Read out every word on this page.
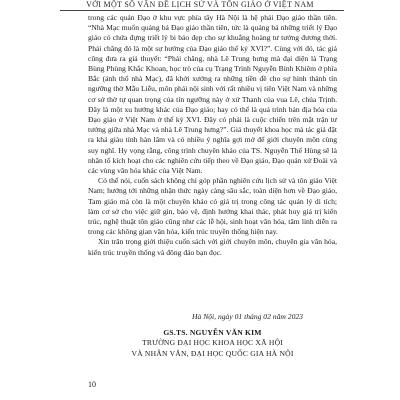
VỚI MỘT SỐ VẤN ĐỀ LỊCH SỬ VÀ TÔN GIÁO Ở VIỆT NAM

trong các quán Đạo ở khu vực phía tây Hà Nội là hệ phái Đạo giáo thần tiên. “Nhà Mạc muốn quảng bá Đạo giáo thần tiên, tức là quảng bá những triết lý Đạo giáo có chứa đựng triết lý bi bảo đẹp cho sự khuắng hoàng tư tưởng đương thời. Phải chăng đó là một sự hướng của Đạo giáo thế kỷ XVI?”. Cùng với đó, tác giả cũng đưa ra giả thuyết: “Phải chăng, nhà Lê Trung hưng mà đại diện là Trạng Bùng Phùng Khắc Khoan, học trò của cụ Trạng Trình Nguyễn Bỉnh Khiêm ở phía Bắc (ảnh thổ nhà Mạc), đã khởi xướng ra những tiền đề cho sự hình thành tín ngưỡng thờ Mẫu Liễu, môn phái nội sinh với rất nhiều vị tiên Việt Nam và những cơ sở thờ tự quan trọng của tín ngưỡng này ở xứ Thanh của vua Lê, chúa Trịnh. Đây là một xu hướng khác của Đạo giáo; hay có thể là quá trình bản địa hóa của Đạo giáo ở Việt Nam ở thế kỷ XVI. Đây có phải là cuộc chiến trên mặt trận tư tưởng giữa nhà Mạc và nhà Lê Trung hưng?”. Giả thuyết khoa học mà tác giả đặt ra khá giàu tính hàn lâm và có nhiều ý nghĩa gợi mở để giới chuyên môn cùng suy nghĩ. Hy vọng rằng, công trình chuyên khảo của TS. Nguyễn Thế Hùng sẽ là nhân tố kích hoạt cho các nghiên cứu tiếp theo về Đạo giáo, Đạo quán xứ Đoài và các vùng văn hóa khác của Việt Nam.

Có thể nói, cuốn sách không chỉ góp phần nghiên cứu lịch sử và tôn giáo Việt Nam; hướng tới những nhận thức ngày càng sâu sắc, toàn diện hơn về Đạo giáo, Tam giáo mà còn là một chuyên khảo có giá trị trong công tác quản lý di tích; làm cơ sở cho việc giữ gìn, bảo vệ, định hướng khai thác, phát huy giá trị kiến trúc, nghệ thuật tôn giáo cũng như các lễ hội, sinh hoạt văn hóa, tâm linh diễn ra trong các không gian văn hóa, kiến trúc truyền thống hiện nay.

Xin trân trọng giới thiệu cuốn sách với giới chuyên môn, chuyên gia văn hóa, kiến trúc truyền thống và đông đảo bạn đọc.

Hà Nội, ngày 01 tháng 02 năm 2023
GS.TS. NGUYỄN VĂN KIM
TRƯỜNG ĐẠI HỌC KHOA HỌC XÃ HỘI
VÀ NHÂN VĂN, ĐẠI HỌC QUỐC GIA HÀ NỘI
10
